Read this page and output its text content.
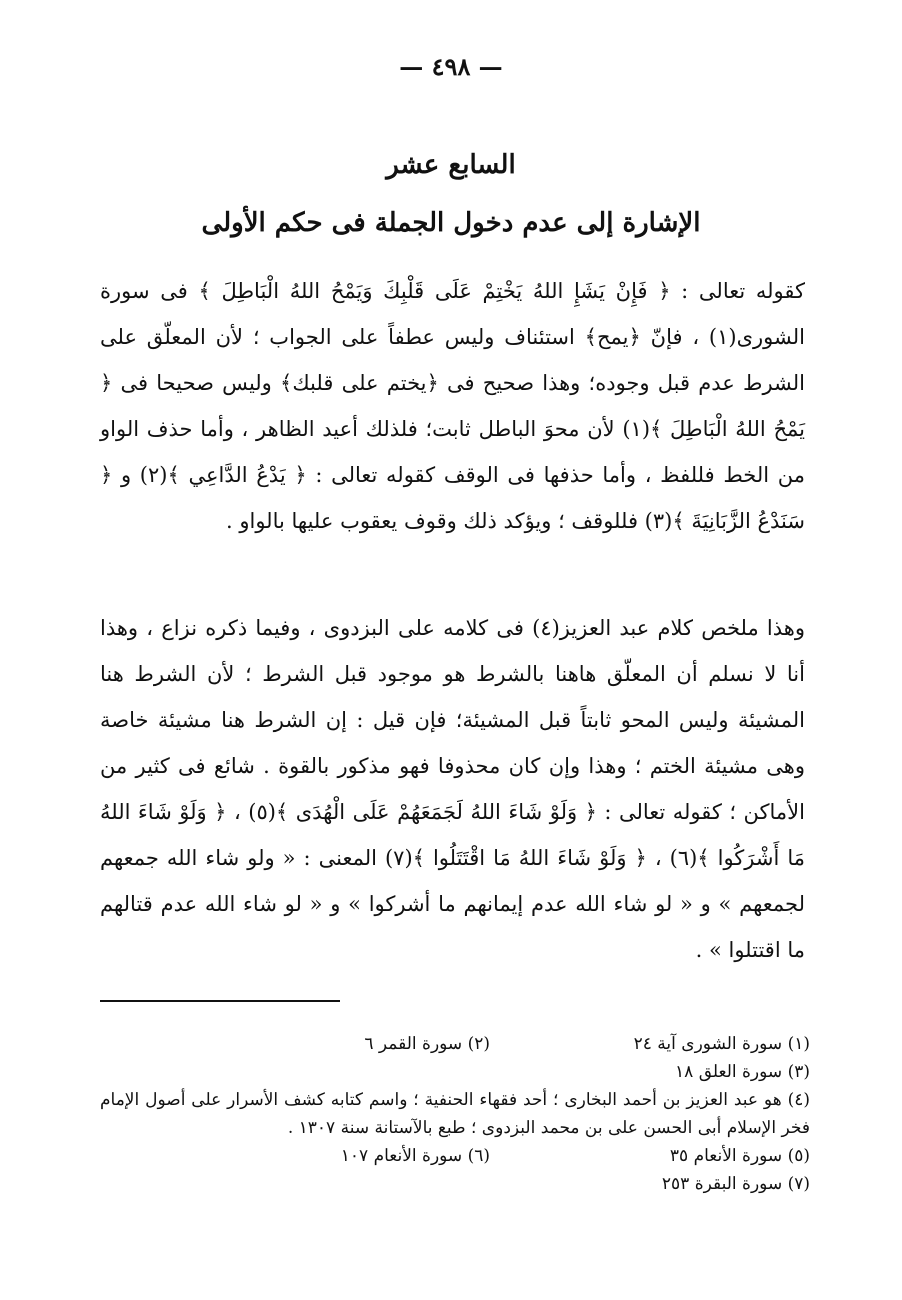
— ٤٩٨ —
السابع عشر
الإشارة إلى عدم دخول الجملة فى حكم الأولى

كقوله تعالى : ﴿ فَإِنْ يَشَإِ اللهُ يَخْتِمْ عَلَى قَلْبِكَ وَيَمْحُ اللهُ الْبَاطِلَ ﴾ فى سورة الشورى(١) ، فإنّ ﴿يمح﴾ استئناف وليس عطفاً على الجواب ؛ لأن المعلّق على الشرط عدم قبل وجوده؛ وهذا صحيح فى ﴿يختم على قلبك﴾ وليس صحيحا فى ﴿ يَمْحُ اللهُ الْبَاطِلَ ﴾(١) لأن محوَ الباطل ثابت؛ فلذلك أعيد الظاهر ، وأما حذف الواو من الخط فللفظ ، وأما حذفها فى الوقف كقوله تعالى : ﴿ يَدْعُ الدَّاعِي ﴾(٢) و ﴿ سَنَدْعُ الزَّبَانِيَةَ ﴾(٣) فللوقف ؛ ويؤكد ذلك وقوف يعقوب عليها بالواو .

وهذا ملخص كلام عبد العزيز(٤) فى كلامه على البزدوى ، وفيما ذكره نزاع ، وهذا أنا لا نسلم أن المعلّق هاهنا بالشرط هو موجود قبل الشرط ؛ لأن الشرط هنا المشيئة وليس المحو ثابتاً قبل المشيئة؛ فإن قيل : إن الشرط هنا مشيئة خاصة وهى مشيئة الختم ؛ وهذا وإن كان محذوفا فهو مذكور بالقوة . شائع فى كثير من الأماكن ؛ كقوله تعالى : ﴿ وَلَوْ شَاءَ اللهُ لَجَمَعَهُمْ عَلَى الْهُدَى ﴾(٥) ، ﴿ وَلَوْ شَاءَ اللهُ مَا أَشْرَكُوا ﴾(٦) ، ﴿ وَلَوْ شَاءَ اللهُ مَا اقْتَتَلُوا ﴾(٧) المعنى : « ولو شاء الله جمعهم لجمعهم » و « لو شاء الله عدم إيمانهم ما أشركوا » و « لو شاء الله عدم قتالهم ما اقتتلوا » .

(١) سورة الشورى آية ٢٤
(٢) سورة القمر ٦
(٣) سورة العلق ١٨
(٤) هو عبد العزيز بن أحمد البخارى ؛ أحد فقهاء الحنفية ؛ واسم كتابه كشف الأسرار على أصول الإمام فخر الإسلام أبى الحسن على بن محمد البزدوى ؛ طبع بالآستانة سنة ١٣٠٧ .
(٥) سورة الأنعام ٣٥
(٦) سورة الأنعام ١٠٧
(٧) سورة البقرة ٢٥٣
